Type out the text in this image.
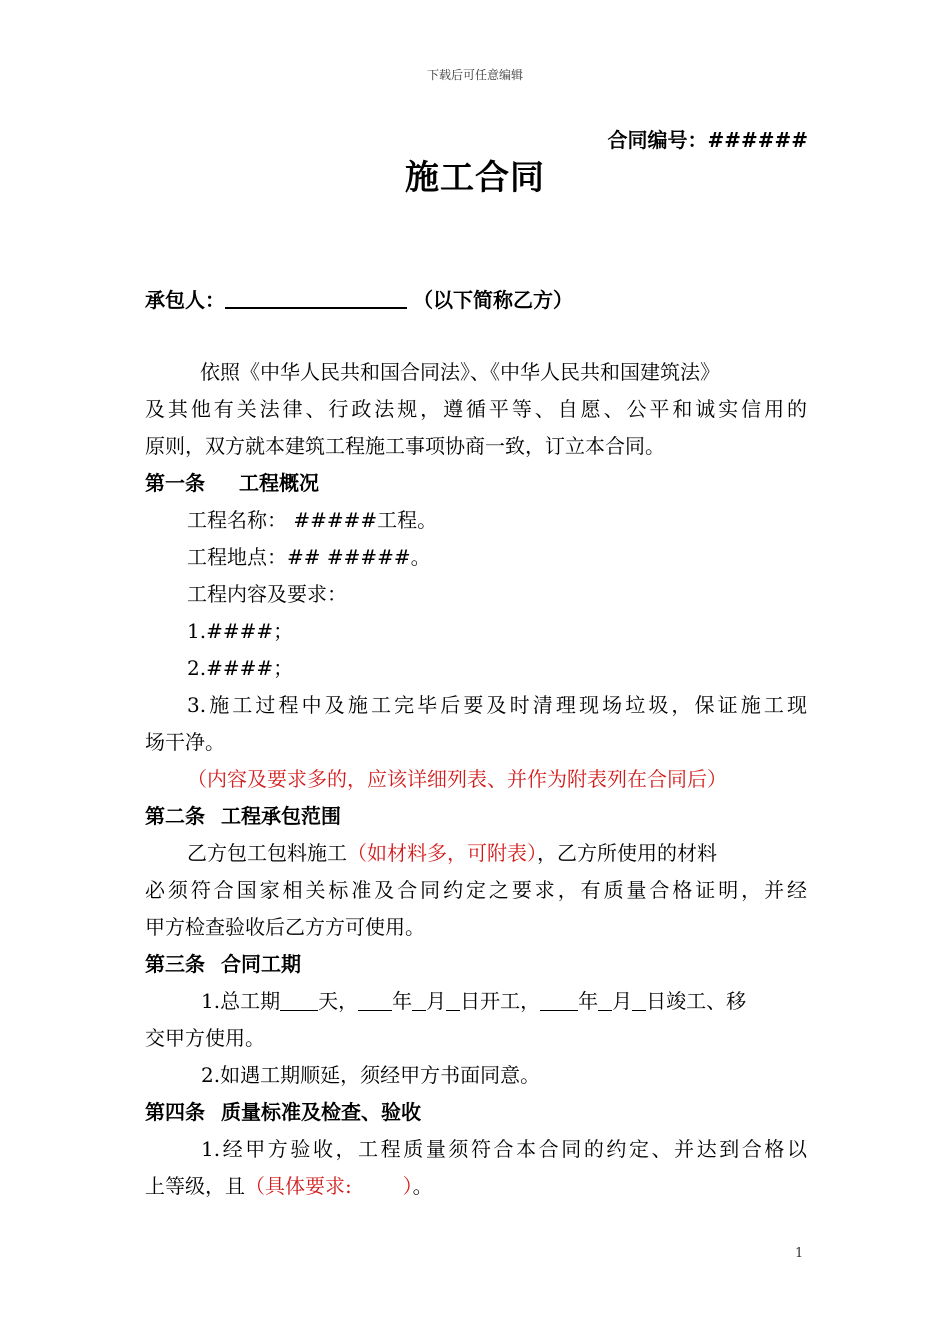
下载后可任意编辑
合同编号：######
施工合同
承包人：	（以下简称乙方）
依照《中华人民共和国合同法》、《中华人民共和国建筑法》
及其他有关法律、行政法规，遵循平等、自愿、公平和诚实信用的
原则，双方就本建筑工程施工事项协商一致，订立本合同。
第一条 工程概况
工程名称： #####工程。
工程地点：## #####。
工程内容及要求：
1.####；
2.####；
3.施工过程中及施工完毕后要及时清理现场垃圾，保证施工现
场干净。
（内容及要求多的，应该详细列表、并作为附表列在合同后）
第二条 工程承包范围
乙方包工包料施工（如材料多，可附表），乙方所使用的材料
必须符合国家相关标准及合同约定之要求，有质量合格证明，并经
甲方检查验收后乙方方可使用。
第三条 合同工期
1.总工期 天， 年 月 日开工， 年 月 日竣工、移
交甲方使用。
2.如遇工期顺延，须经甲方书面同意。
第四条 质量标准及检查、验收
1.经甲方验收，工程质量须符合本合同的约定、并达到合格以
上等级，且（具体要求:        ）。
1
